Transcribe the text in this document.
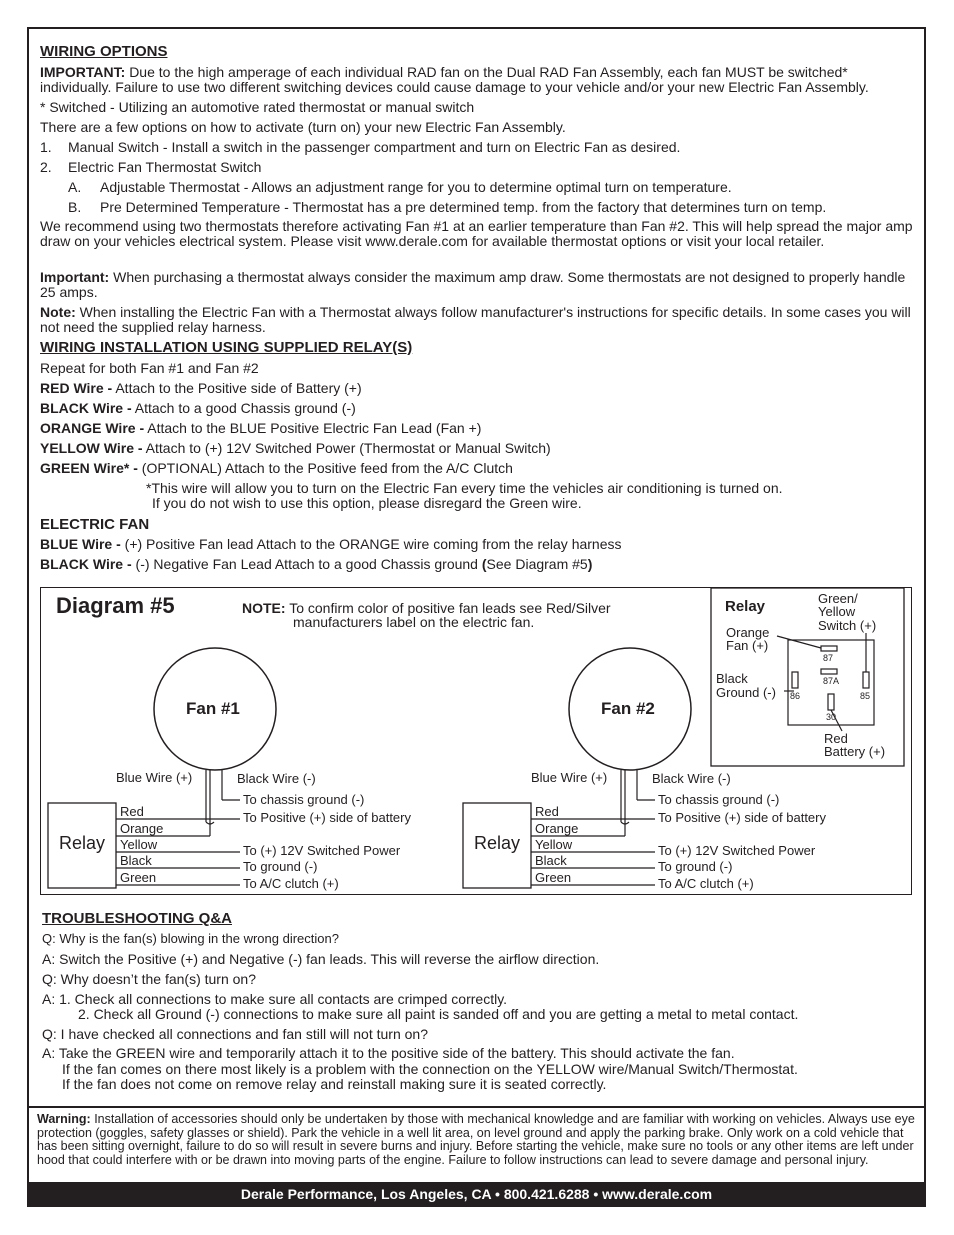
WIRING OPTIONS
IMPORTANT: Due to the high amperage of each individual RAD fan on the Dual RAD Fan Assembly, each fan MUST be switched* individually. Failure to use two different switching devices could cause damage to your vehicle and/or your new Electric Fan Assembly.
* Switched - Utilizing an automotive rated thermostat or manual switch
There are a few options on how to activate (turn on) your new Electric Fan Assembly.
1. Manual Switch - Install a switch in the passenger compartment and turn on Electric Fan as desired.
2. Electric Fan Thermostat Switch
A. Adjustable Thermostat - Allows an adjustment range for you to determine optimal turn on temperature.
B. Pre Determined Temperature - Thermostat has a pre determined temp. from the factory that determines turn on temp.
We recommend using two thermostats therefore activating Fan #1 at an earlier temperature than Fan #2. This will help spread the major amp draw on your vehicles electrical system. Please visit www.derale.com for available thermostat options or visit your local retailer.
Important: When purchasing a thermostat always consider the maximum amp draw. Some thermostats are not designed to properly handle 25 amps.
Note: When installing the Electric Fan with a Thermostat always follow manufacturer's instructions for specific details. In some cases you will not need the supplied relay harness.
WIRING INSTALLATION USING SUPPLIED RELAY(S)
Repeat for both Fan #1 and Fan #2
RED Wire - Attach to the Positive side of Battery (+)
BLACK Wire - Attach to a good Chassis ground (-)
ORANGE Wire - Attach to the BLUE Positive Electric Fan Lead (Fan +)
YELLOW Wire - Attach to (+) 12V Switched Power (Thermostat or Manual Switch)
GREEN Wire* - (OPTIONAL) Attach to the Positive feed from the A/C Clutch
*This wire will allow you to turn on the Electric Fan every time the vehicles air conditioning is turned on.
If you do not wish to use this option, please disregard the Green wire.
ELECTRIC FAN
BLUE Wire - (+) Positive Fan lead Attach to the ORANGE wire coming from the relay harness
BLACK Wire - (-) Negative Fan Lead Attach to a good Chassis ground (See Diagram #5)
Diagram #5	NOTE: To confirm color of positive fan leads see Red/Silver
manufacturers label on the electric fan.
Relay
Red
Orange
Yellow
Black
Green
Blue Wire (+)	Black Wire (-)
To chassis ground (-)
To Positive (+) side of battery
To (+) 12V Switched Power
To ground (-)
To A/C clutch (+)
Fan #1
Relay
Red
Orange
Yellow
Black
Green
Blue Wire (+)	Black Wire (-)
To chassis ground (-)
To Positive (+) side of battery
To (+) 12V Switched Power
To ground (-)
To A/C clutch (+)
Fan #2
Relay	Green/
Yellow
Switch (+)
Orange
Fan (+)
Black
Ground (-)
Red
Battery (+)
87
87A
86	85
30
TROUBLESHOOTING Q&A
Q: Why is the fan(s) blowing in the wrong direction?
A: Switch the Positive (+) and Negative (-) fan leads. This will reverse the airflow direction.
Q: Why doesn’t the fan(s) turn on?
A: 1. Check all connections to make sure all contacts are crimped correctly.
2. Check all Ground (-) connections to make sure all paint is sanded off and you are getting a metal to metal contact.
Q: I have checked all connections and fan still will not turn on?
A: Take the GREEN wire and temporarily attach it to the positive side of the battery. This should activate the fan.
If the fan comes on there most likely is a problem with the connection on the YELLOW wire/Manual Switch/Thermostat.
If the fan does not come on remove relay and reinstall making sure it is seated correctly.
Warning: Installation of accessories should only be undertaken by those with mechanical knowledge and are familiar with working on vehicles. Always use eye protection (goggles, safety glasses or shield). Park the vehicle in a well lit area, on level ground and apply the parking brake. Only work on a cold vehicle that has been sitting overnight, failure to do so will result in severe burns and injury. Before starting the vehicle, make sure no tools or any other items are left under hood that could interfere with or be drawn into moving parts of the engine. Failure to follow instructions can lead to severe damage and personal injury.
Derale Performance, Los Angeles, CA • 800.421.6288 • www.derale.com
